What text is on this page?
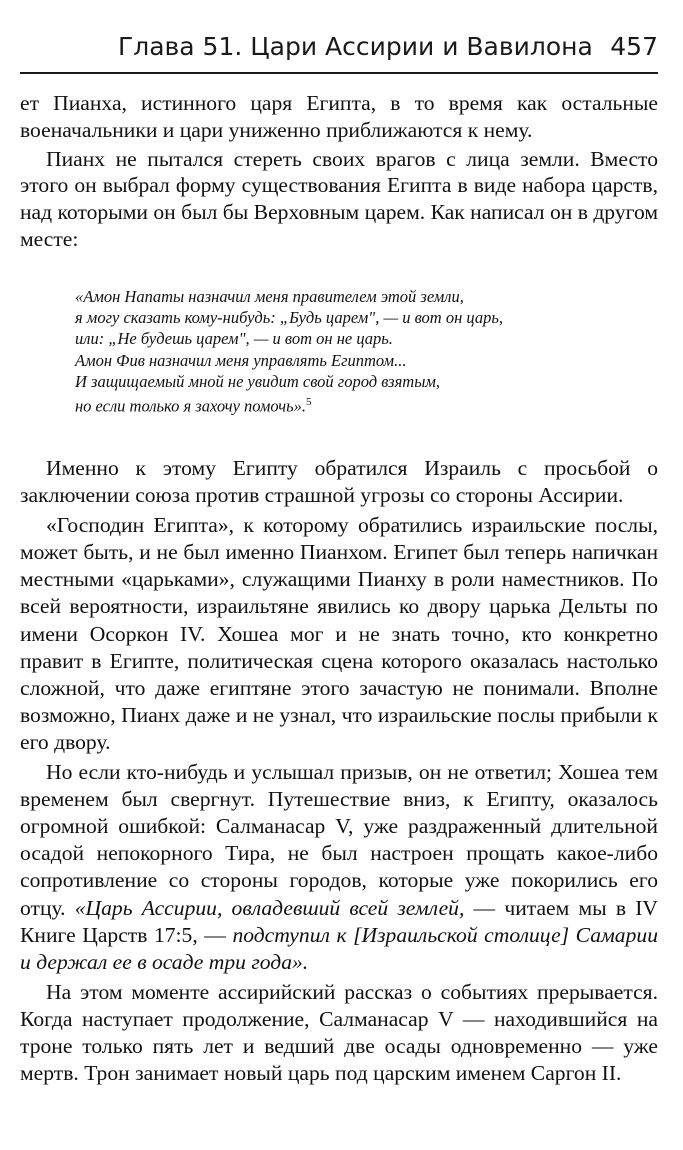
Глава 51. Цари Ассирии и Вавилона 457

ет Пианха, истинного царя Египта, в то время как остальные военачальники и цари униженно приближаются к нему.

Пианх не пытался стереть своих врагов с лица земли. Вместо этого он выбрал форму существования Египта в виде набора царств, над которыми он был бы Верховным царем. Как написал он в другом месте:

«Амон Напаты назначил меня правителем этой земли,
я могу сказать кому-нибудь: „Будь царем", — и вот он царь,
или: „Не будешь царем", — и вот он не царь.
Амон Фив назначил меня управлять Египтом...
И защищаемый мной не увидит свой город взятым,
но если только я захочу помочь».$^5$

Именно к этому Египту обратился Израиль с просьбой о заключении союза против страшной угрозы со стороны Ассирии.

«Господин Египта», к которому обратились израильские послы, может быть, и не был именно Пианхом. Египет был теперь напичкан местными «царьками», служащими Пианху в роли наместников. По всей вероятности, израильтяне явились ко двору царька Дельты по имени Осоркон IV. Хошеа мог и не знать точно, кто конкретно правит в Египте, политическая сцена которого оказалась настолько сложной, что даже египтяне этого зачастую не понимали. Вполне возможно, Пианх даже и не узнал, что израильские послы прибыли к его двору.

Но если кто-нибудь и услышал призыв, он не ответил; Хошеа тем временем был свергнут. Путешествие вниз, к Египту, оказалось огромной ошибкой: Салманасар V, уже раздраженный длительной осадой непокорного Тира, не был настроен прощать какое-либо сопротивление со стороны городов, которые уже покорились его отцу. «Царь Ассирии, овладевший всей землей, — читаем мы в IV Книге Царств 17:5, — подступил к [Израильской столице] Самарии и держал ее в осаде три года».

На этом моменте ассирийский рассказ о событиях прерывается. Когда наступает продолжение, Салманасар V — находившийся на троне только пять лет и ведший две осады одновременно — уже мертв. Трон занимает новый царь под царским именем Саргон II.
